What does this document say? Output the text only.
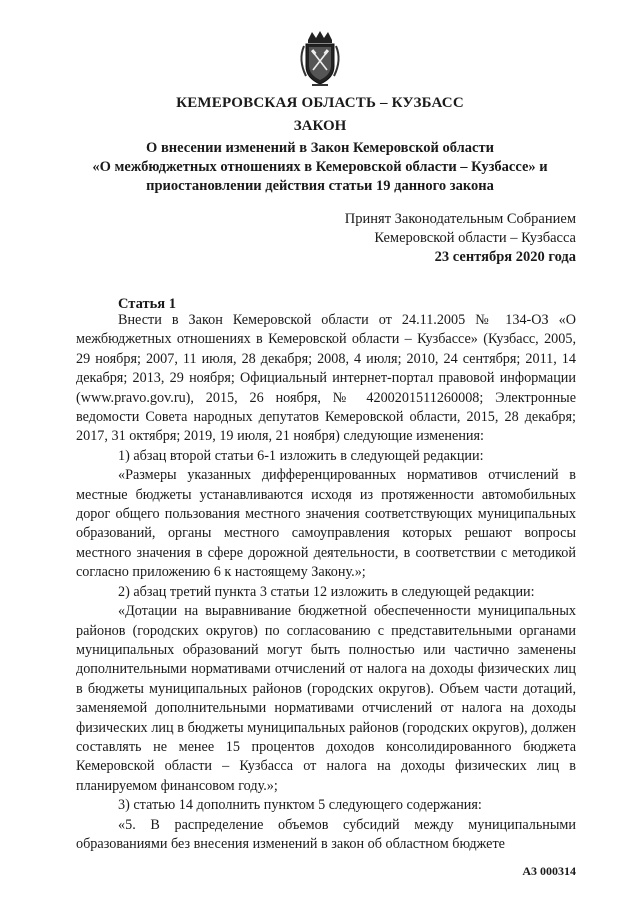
КЕМЕРОВСКАЯ ОБЛАСТЬ – КУЗБАСС
ЗАКОН
О внесении изменений в Закон Кемеровской области
«О межбюджетных отношениях в Кемеровской области – Кузбассе» и
приостановлении действия статьи 19 данного закона
Принят Законодательным Собранием
Кемеровской области – Кузбасса
23 сентября 2020 года
Статья 1

Внести в Закон Кемеровской области от 24.11.2005 № 134-ОЗ «О межбюджетных отношениях в Кемеровской области – Кузбассе» (Кузбасс, 2005, 29 ноября; 2007, 11 июля, 28 декабря; 2008, 4 июля; 2010, 24 сентября; 2011, 14 декабря; 2013, 29 ноября; Официальный интернет-портал правовой информации (www.pravo.gov.ru), 2015, 26 ноября, № 4200201511260008; Электронные ведомости Совета народных депутатов Кемеровской области, 2015, 28 декабря; 2017, 31 октября; 2019, 19 июля, 21 ноября) следующие изменения:

1) абзац второй статьи 6-1 изложить в следующей редакции:

«Размеры указанных дифференцированных нормативов отчислений в местные бюджеты устанавливаются исходя из протяженности автомобильных дорог общего пользования местного значения соответствующих муниципальных образований, органы местного самоуправления которых решают вопросы местного значения в сфере дорожной деятельности, в соответствии с методикой согласно приложению 6 к настоящему Закону.»;

2) абзац третий пункта 3 статьи 12 изложить в следующей редакции:

«Дотации на выравнивание бюджетной обеспеченности муниципальных районов (городских округов) по согласованию с представительными органами муниципальных образований могут быть полностью или частично заменены дополнительными нормативами отчислений от налога на доходы физических лиц в бюджеты муниципальных районов (городских округов). Объем части дотаций, заменяемой дополнительными нормативами отчислений от налога на доходы физических лиц в бюджеты муниципальных районов (городских округов), должен составлять не менее 15 процентов доходов консолидированного бюджета Кемеровской области – Кузбасса от налога на доходы физических лиц в планируемом финансовом году.»;

3) статью 14 дополнить пунктом 5 следующего содержания:

«5. В распределение объемов субсидий между муниципальными образованиями без внесения изменений в закон об областном бюджете

А3 000314
